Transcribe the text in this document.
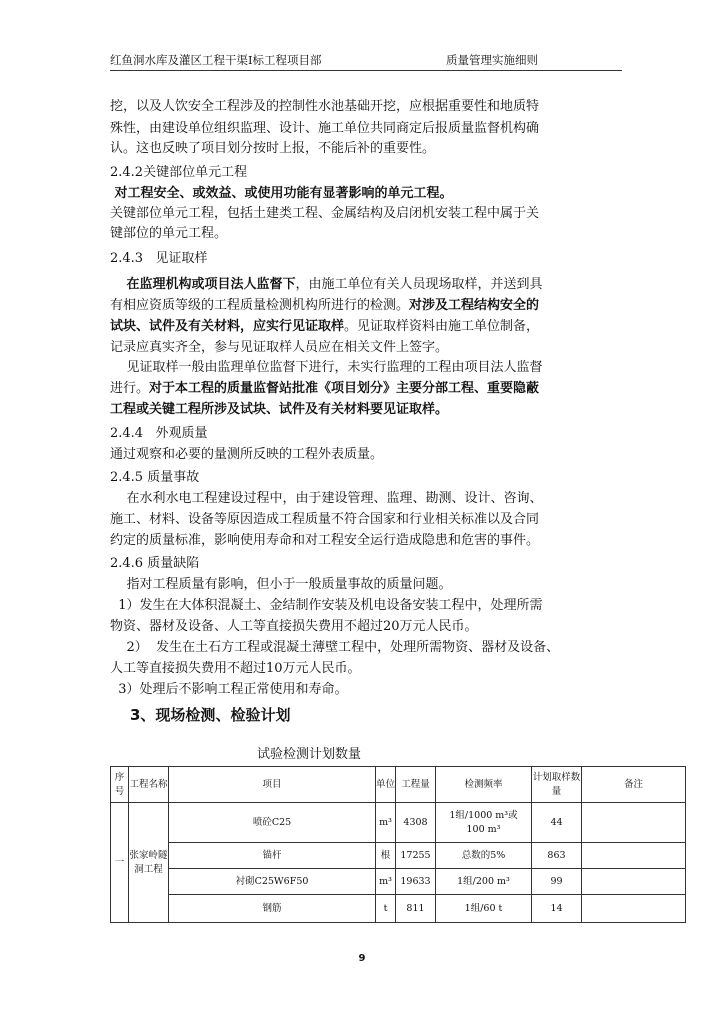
红鱼洞水库及灌区工程干渠Ⅰ标工程项目部	质量管理实施细则
挖，以及人饮安全工程涉及的控制性水池基础开挖，应根据重要性和地质特
殊性，由建设单位组织监理、设计、施工单位共同商定后报质量监督机构确
认。这也反映了项目划分按时上报，不能后补的重要性。
2.4.2关键部位单元工程
对工程安全、或效益、或使用功能有显著影响的单元工程。
关键部位单元工程，包括土建类工程、金属结构及启闭机安装工程中属于关
键部位的单元工程。
2.4.3   见证取样
在监理机构或项目法人监督下，由施工单位有关人员现场取样，并送到具
有相应资质等级的工程质量检测机构所进行的检测。对涉及工程结构安全的
试块、试件及有关材料，应实行见证取样。见证取样资料由施工单位制备，
记录应真实齐全，参与见证取样人员应在相关文件上签字。
见证取样一般由监理单位监督下进行，未实行监理的工程由项目法人监督
进行。对于本工程的质量监督站批准《项目划分》主要分部工程、重要隐蔽
工程或关键工程所涉及试块、试件及有关材料要见证取样。
2.4.4   外观质量
通过观察和必要的量测所反映的工程外表质量。
2.4.5 质量事故
在水利水电工程建设过程中，由于建设管理、监理、勘测、设计、咨询、
施工、材料、设备等原因造成工程质量不符合国家和行业相关标准以及合同
约定的质量标准，影响使用寿命和对工程安全运行造成隐患和危害的事件。
2.4.6 质量缺陷
指对工程质量有影响，但小于一般质量事故的质量问题。
1）发生在大体积混凝土、金结制作安装及机电设备安装工程中，处理所需
物资、器材及设备、人工等直接损失费用不超过20万元人民币。
2）  发生在土石方工程或混凝土薄壁工程中，处理所需物资、器材及设备、
人工等直接损失费用不超过10万元人民币。
3）处理后不影响工程正常使用和寿命。
3、现场检测、检验计划
试验检测计划数量
序号	工程名称	项目	单位	工程量	检测频率	计划取样数量	备注
一	张家岭隧洞工程	喷砼C25	m³	4308	1组/1000 m³或100 m³	44	
		锚杆	根	17255	总数的5%	863	
		衬砌C25W6F50	m³	19633	1组/200 m³	99	
		钢筋	t	811	1组/60 t	14	
9
